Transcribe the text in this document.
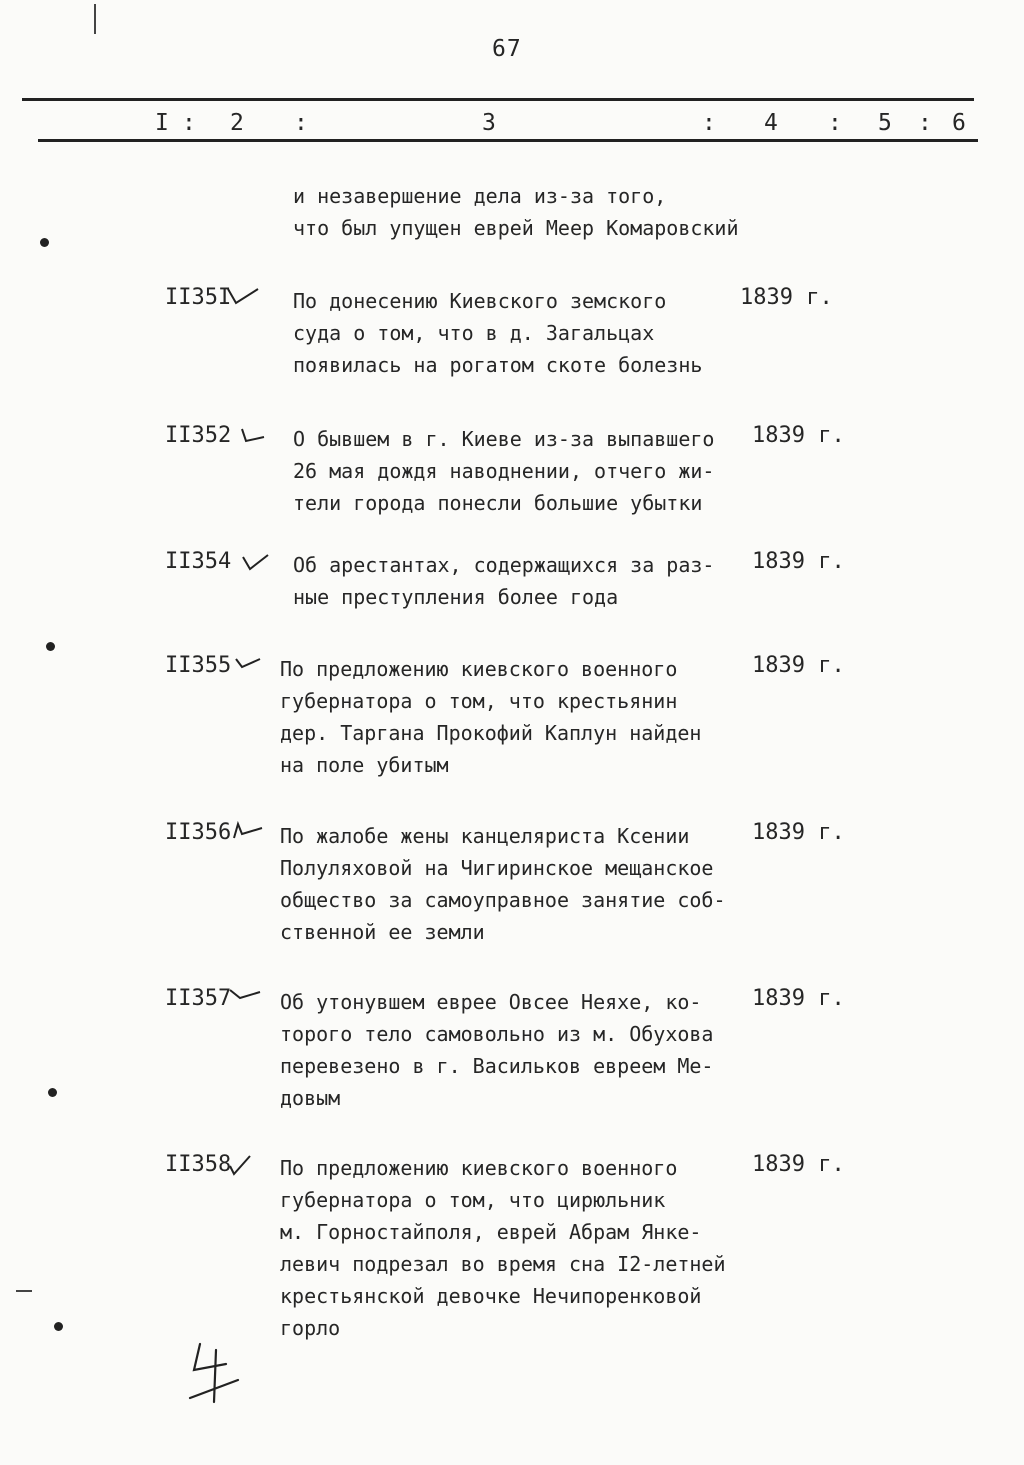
67
I : 2 :	3	: 4 : 5 : 6
и незавершение дела из-за того,
что был упущен еврей Меер Комаровский
II35I	По донесению Киевского земского
суда о том, что в д. Загальцах
появилась на рогатом скоте болезнь
1839 г.
II352	О бывшем в г. Киеве из-за выпавшего
26 мая дождя наводнении, отчего жи-
тели города понесли большие убытки
1839 г.
II354	Об арестантах, содержащихся за раз-
ные преступления более года
1839 г.
II355 По предложению киевского военного
губернатора о том, что крестьянин
дер. Таргана Прокофий Каплун найден
на поле убитым
1839 г.
II356 По жалобе жены канцеляриста Ксении
Полуляховой на Чигиринское мещанское
общество за самоуправное занятие соб-
ственной ее земли
1839 г.
II357 Об утонувшем еврее Овсее Неяхе, ко-
торого тело самовольно из м. Обухова
перевезено в г. Васильков евреем Ме-
довым
1839 г.
II358 По предложению киевского военного
губернатора о том, что цирюльник
м. Горностайполя, еврей Абрам Янке-
левич подрезал во время сна I2-летней
крестьянской девочке Нечипоренковой
горло
1839 г.
